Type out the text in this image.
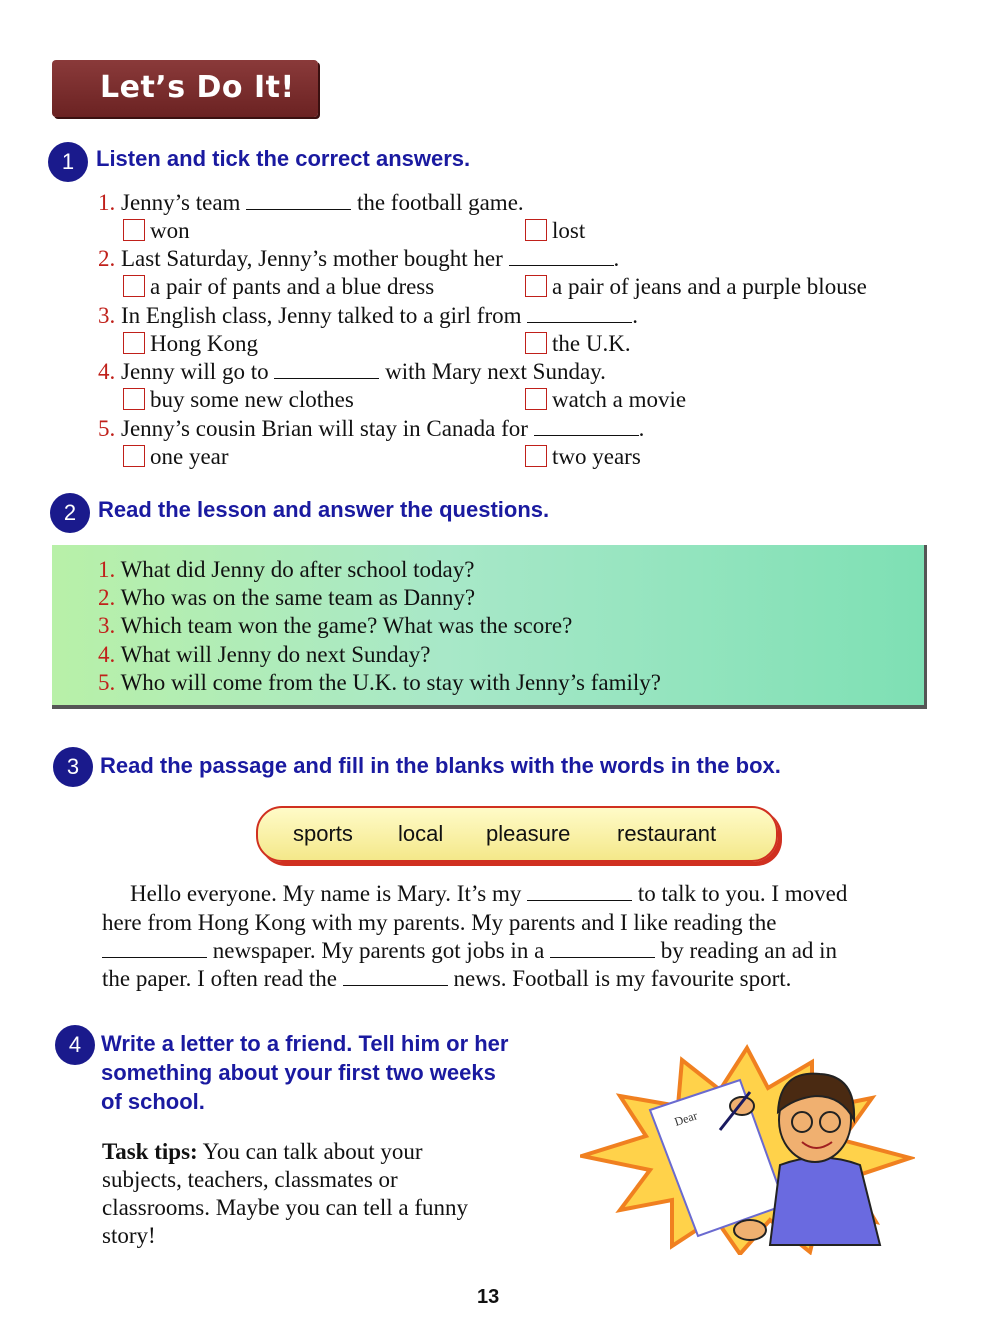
Let’s Do It!
1 Listen and tick the correct answers.
1. Jenny’s team	the football game.
won	lost
2. Last Saturday, Jenny’s mother bought her	.
a pair of pants and a blue dress	a pair of jeans and a purple blouse
3. In English class, Jenny talked to a girl from	.
Hong Kong	the U.K.
4. Jenny will go to	with Mary next Sunday.
buy some new clothes	watch a movie
5. Jenny’s cousin Brian will stay in Canada for	.
one year	two years
2 Read the lesson and answer the questions.
1. What did Jenny do after school today?
2. Who was on the same team as Danny?
3. Which team won the game? What was the score?
4. What will Jenny do next Sunday?
5. Who will come from the U.K. to stay with Jenny’s family?
3 Read the passage and fill in the blanks with the words in the box.
sports local pleasure restaurant
Hello everyone. My name is Mary. It’s my	to talk to you. I moved
here from Hong Kong with my parents. My parents and I like reading the
newspaper. My parents got jobs in a	by reading an ad in
the paper. I often read the	news. Football is my favourite sport.
4 Write a letter to a friend. Tell him or her
something about your first two weeks
of school.
Task tips: You can talk about your
subjects, teachers, classmates or
classrooms. Maybe you can tell a funny
story!
Dear
13
